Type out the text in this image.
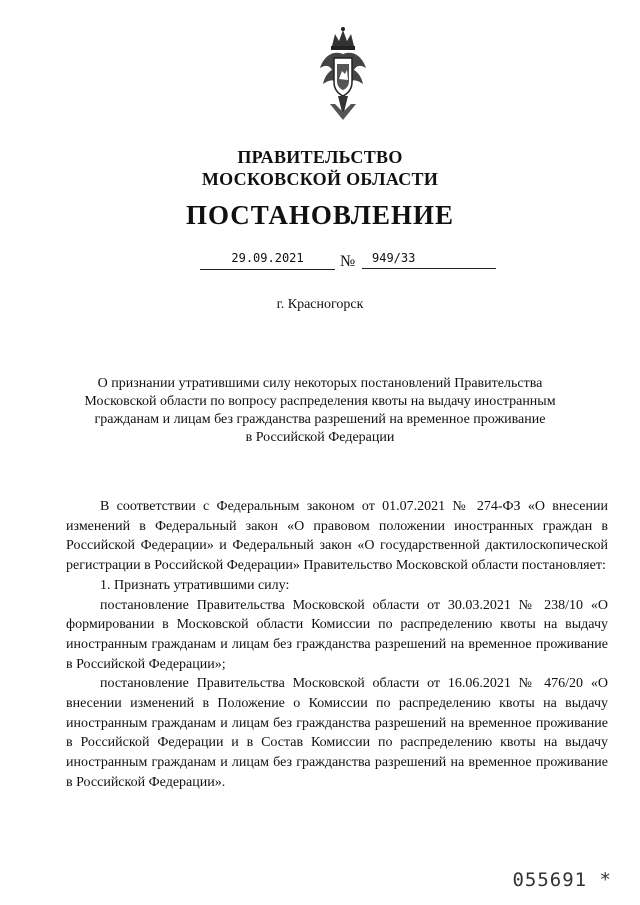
ПРАВИТЕЛЬСТВО
МОСКОВСКОЙ ОБЛАСТИ
ПОСТАНОВЛЕНИЕ
29.09.2021	№	949/33
г. Красногорск
О признании утратившими силу некоторых постановлений Правительства
Московской области по вопросу распределения квоты на выдачу иностранным
гражданам и лицам без гражданства разрешений на временное проживание
в Российской Федерации

В соответствии с Федеральным законом от 01.07.2021 № 274-ФЗ «О внесении изменений в Федеральный закон «О правовом положении иностранных граждан в Российской Федерации» и Федеральный закон «О государственной дактилоскопической регистрации в Российской Федерации» Правительство Московской области постановляет:

1. Признать утратившими силу:

постановление Правительства Московской области от 30.03.2021 № 238/10 «О формировании в Московской области Комиссии по распределению квоты на выдачу иностранным гражданам и лицам без гражданства разрешений на временное проживание в Российской Федерации»;

постановление Правительства Московской области от 16.06.2021 № 476/20 «О внесении изменений в Положение о Комиссии по распределению квоты на выдачу иностранным гражданам и лицам без гражданства разрешений на временное проживание в Российской Федерации и в Состав Комиссии по распределению квоты на выдачу иностранным гражданам и лицам без гражданства разрешений на временное проживание в Российской Федерации».

055691 *
